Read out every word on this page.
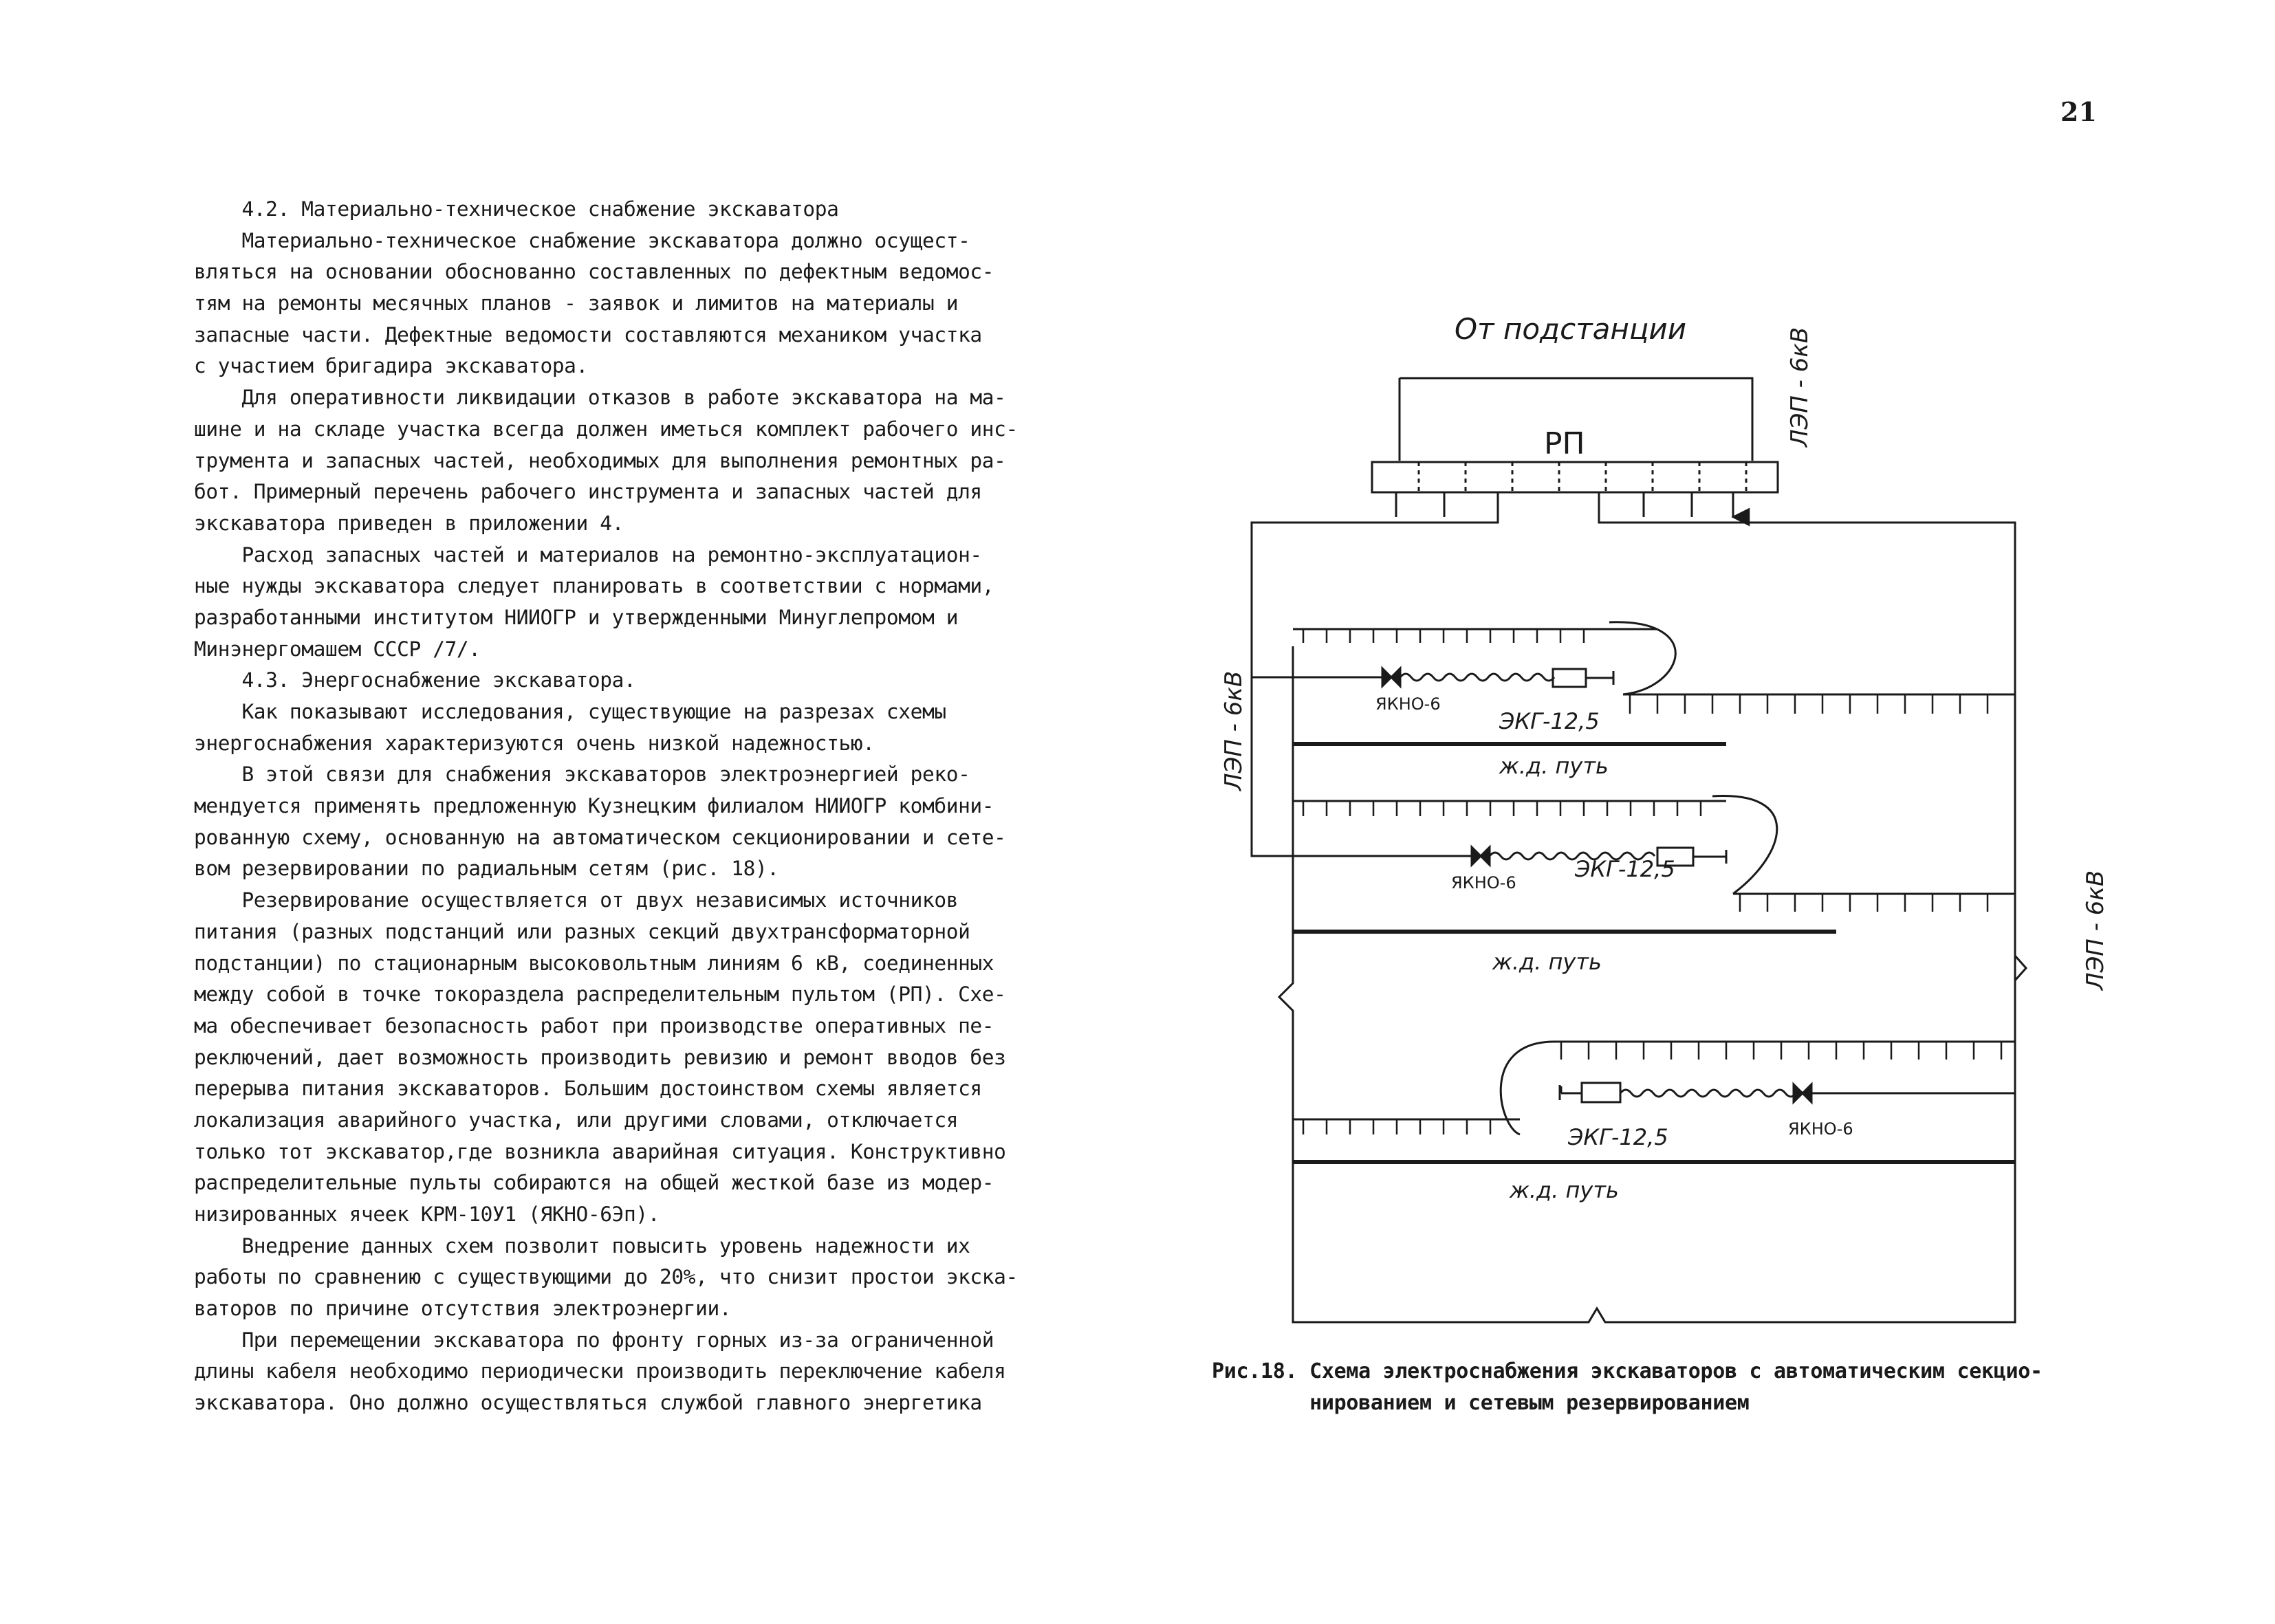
21
4.2. Материально-техническое снабжение экскаватора
Материально-техническое снабжение экскаватора должно осущест-
вляться на основании обоснованно составленных по дефектным ведомос-
тям на ремонты месячных планов - заявок и лимитов на материалы и
запасные части. Дефектные ведомости составляются механиком участка
с участием бригадира экскаватора.
Для оперативности ликвидации отказов в работе экскаватора на ма-
шине и на складе участка всегда должен иметься комплект рабочего инс-
трумента и запасных частей, необходимых для выполнения ремонтных ра-
бот. Примерный перечень рабочего инструмента и запасных частей для
экскаватора приведен в приложении 4.
Расход запасных частей и материалов на ремонтно-эксплуатацион-
ные нужды экскаватора следует планировать в соответствии с нормами,
разработанными институтом НИИОГР и утвержденными Минуглепромом и
Минэнергомашем СССР /7/.
4.3. Энергоснабжение экскаватора.
Как показывают исследования, существующие на разрезах схемы
энергоснабжения характеризуются очень низкой надежностью.
В этой связи для снабжения экскаваторов электроэнергией реко-
мендуется применять предложенную Кузнецким филиалом НИИОГР комбини-
рованную схему, основанную на автоматическом секционировании и сете-
вом резервировании по радиальным сетям (рис. 18).
Резервирование осуществляется от двух независимых источников
питания (разных подстанций или разных секций двухтрансформаторной
подстанции) по стационарным высоковольтным линиям 6 кВ, соединенных
между собой в точке токораздела распределительным пультом (РП). Схе-
ма обеспечивает безопасность работ при производстве оперативных пе-
реключений, дает возможность производить ревизию и ремонт вводов без
перерыва питания экскаваторов. Большим достоинством схемы является
локализация аварийного участка, или другими словами, отключается
только тот экскаватор,где возникла аварийная ситуация. Конструктивно
распределительные пульты собираются на общей жесткой базе из модер-
низированных ячеек КРМ-10У1 (ЯКНО-6Эп).
Внедрение данных схем позволит повысить уровень надежности их
работы по сравнению с существующими до 20%, что снизит простои экска-
ваторов по причине отсутствия электроэнергии.
При перемещении экскаватора по фронту горных из-за ограниченной
длины кабеля необходимо периодически производить переключение кабеля
экскаватора. Оно должно осуществляться службой главного энергетика
От подстанции
РП	ЛЭП - 6кВ
ЛЭП - 6кВ
ЛЭП - 6кВ
ЯКНО-6
ЭКГ-12,5
ж.д. путь
ЯКНО-6
ЭКГ-12,5
ж.д. путь
ЯКНО-6
ЭКГ-12,5
ж.д. путь
Рис.18. Схема электроснабжения экскаваторов с автоматическим секцио-
нированием и сетевым резервированием
